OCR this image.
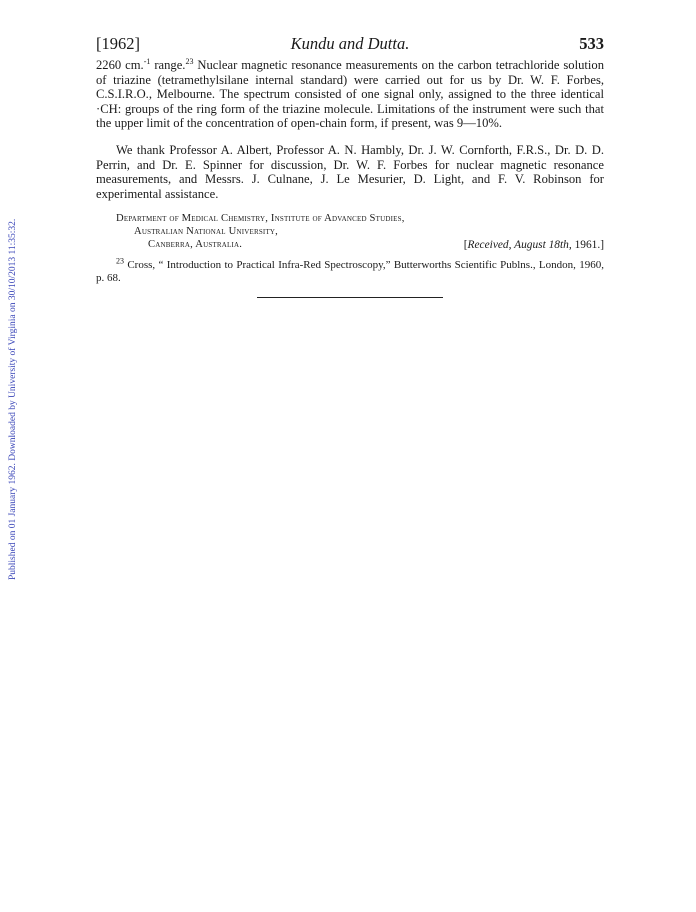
Published on 01 January 1962. Downloaded by University of Virginia on 30/10/2013 11:35:32.
[1962]	Kundu and Dutta.	533

2260 cm.$^{-1}$ range.$^{23}$ Nuclear magnetic resonance measurements on the carbon tetrachloride solution of triazine (tetramethylsilane internal standard) were carried out for us by Dr. W. F. Forbes, C.S.I.R.O., Melbourne. The spectrum consisted of one signal only, assigned to the three identical ·CH: groups of the ring form of the triazine molecule. Limitations of the instrument were such that the upper limit of the concentration of open-chain form, if present, was 9—10%.

We thank Professor A. Albert, Professor A. N. Hambly, Dr. J. W. Cornforth, F.R.S., Dr. D. D. Perrin, and Dr. E. Spinner for discussion, Dr. W. F. Forbes for nuclear magnetic resonance measurements, and Messrs. J. Culnane, J. Le Mesurier, D. Light, and F. V. Robinson for experimental assistance.

Department of Medical Chemistry, Institute of Advanced Studies,
Australian National University,
Canberra, Australia.	[Received, August 18th, 1961.]

$^{23}$ Cross, “ Introduction to Practical Infra-Red Spectroscopy,” Butterworths Scientific Publns., London, 1960, p. 68.
